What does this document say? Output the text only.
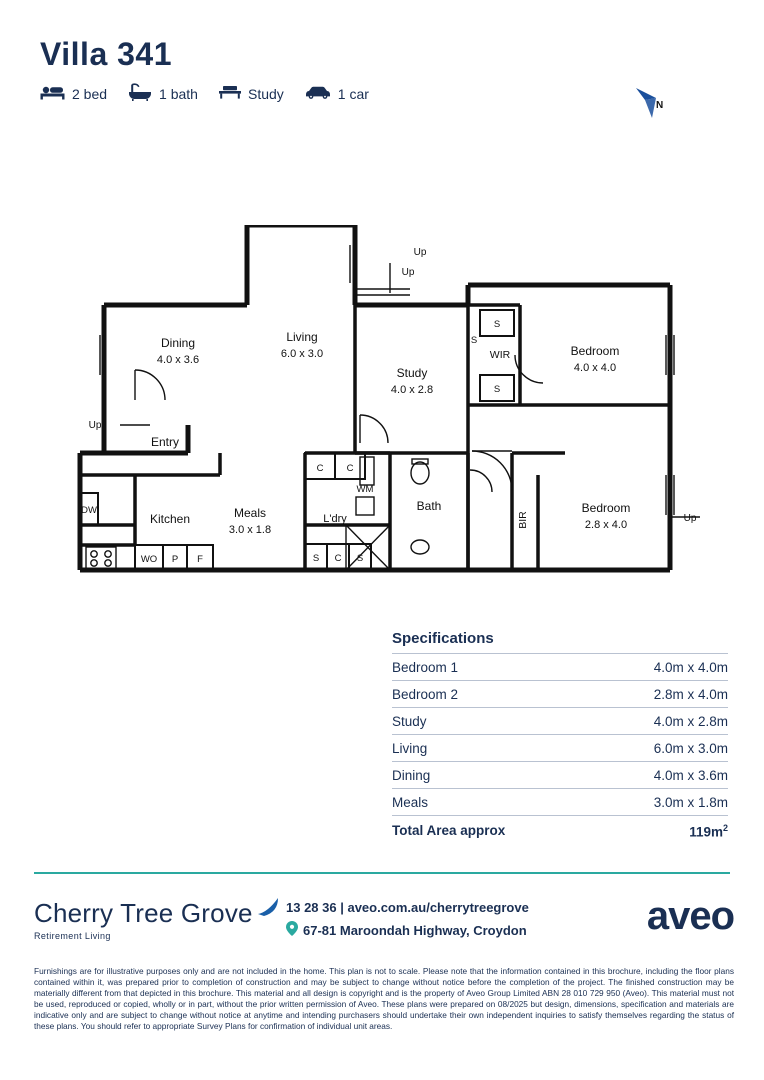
Villa 341
2 bed	1 bath	Study	1 car
N
Dining
4.0 x 3.6
Living
6.0 x 3.0
Study
4.0 x 2.8
Bedroom
4.0 x 4.0
Bedroom
2.8 x 4.0
Meals
3.0 x 1.8
Kitchen
Entry
L'dry
Bath
WIR
BIR
DW
WO P F
WM
C C
S C S
S
S
S
Up
Up
Up
Up
Specifications
Bedroom 1	4.0m x 4.0m
Bedroom 2	2.8m x 4.0m
Study	4.0m x 2.8m
Living	6.0m x 3.0m
Dining	4.0m x 3.6m
Meals	3.0m x 1.8m
Total Area approx	$119m^2$
Cherry Tree Grove
Retirement Living
13 28 36 | aveo.com.au/cherrytreegrove
67-81 Maroondah Highway, Croydon	aveo
Furnishings are for illustrative purposes only and are not included in the home. This plan is not to scale. Please note that the information contained in this brochure, including the floor plans contained within it, was prepared prior to completion of construction and may be subject to change without notice before the completion of the project. The finished construction may be materially different from that depicted in this brochure. This material and all design is copyright and is the property of Aveo Group Limited ABN 28 010 729 950 (Aveo). This material must not be used, reproduced or copied, wholly or in part, without the prior written permission of Aveo. These plans were prepared on 08/2025 but design, dimensions, specification and materials are indicative only and are subject to change without notice at anytime and intending purchasers should undertake their own independent inquiries to satisfy themselves regarding the status of these plans. You should refer to appropriate Survey Plans for confirmation of individual unit areas.
